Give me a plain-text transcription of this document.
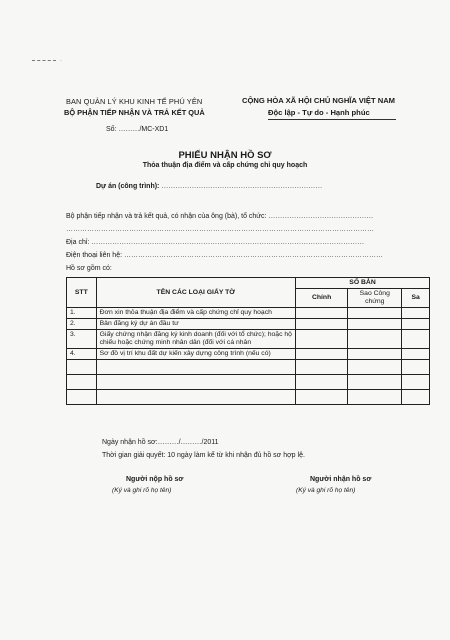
·
BAN QUẢN LÝ KHU KINH TẾ PHÚ YÊN
BỘ PHẬN TIẾP NHẬN VÀ TRẢ KẾT QUẢ
CỘNG HÒA XÃ HỘI CHỦ NGHĨA VIỆT NAM
Độc lập - Tự do - Hạnh phúc
Số: ………/MC-XD1
PHIẾU NHẬN HỒ SƠ
Thỏa thuận địa điểm và cấp chứng chỉ quy hoạch
Dự án (công trình): ……………………………………………………………
Bộ phận tiếp nhận và trả kết quả, có nhận của ông (bà), tổ chức: ………………………………………
……………………………………………………………………………………………………………………
Địa chỉ: ………………………………………………………………………………………………………
Điện thoại liên hệ: …………………………………………………………………………………………………
Hồ sơ gồm có:
STT	TÊN CÁC LOẠI GIẤY TỜ	SỐ BẢN		
		Chính	Sao Công chứng	Sa
1.	Đơn xin thỏa thuận địa điểm và cấp chứng chỉ quy hoạch			
2.	Bản đăng ký dự án đầu tư			
3.	Giấy chứng nhận đăng ký kinh doanh (đối với tổ chức); hoặc hộ chiếu hoặc chứng minh nhân dân (đối với cá nhân			
4.	Sơ đồ vị trí khu đất dự kiến xây dựng công trình (nếu có)			

Ngày nhận hồ sơ:………/………/2011
Thời gian giải quyết: 10 ngày làm kể từ khi nhận đủ hồ sơ hợp lệ.
Người nộp hồ sơ
(Ký và ghi rõ họ tên)
Người nhận hồ sơ
(Ký và ghi rõ họ tên)
